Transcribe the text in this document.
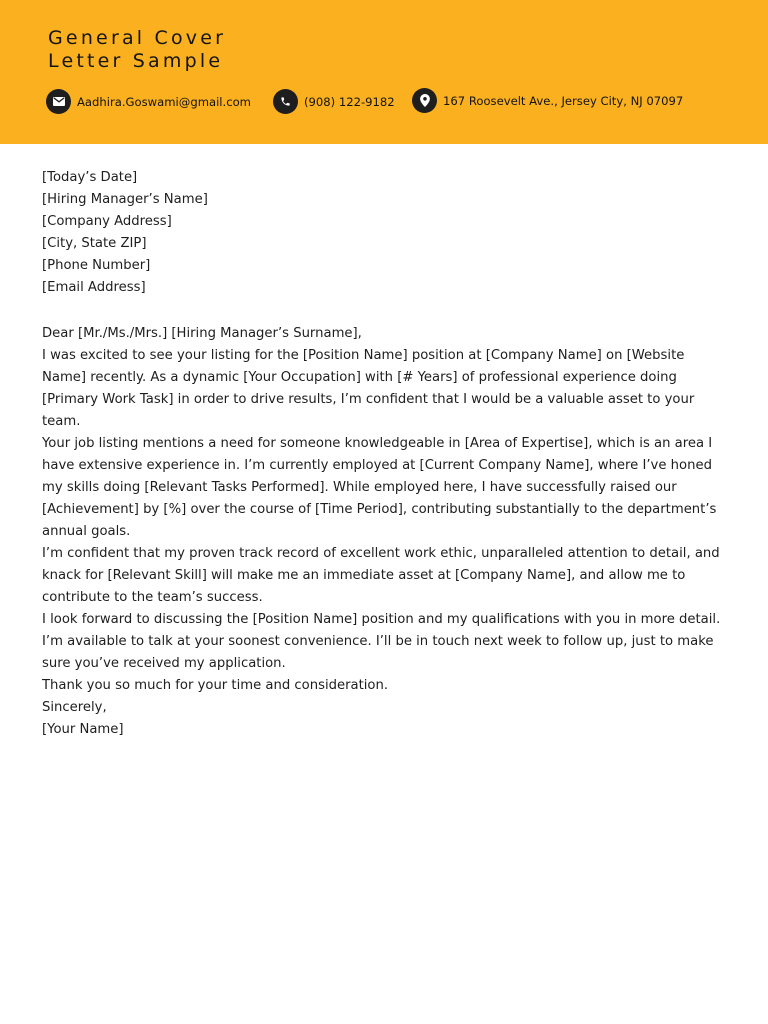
General Cover
Letter Sample
Aadhira.Goswami@gmail.com	(908) 122-9182	167 Roosevelt Ave., Jersey City, NJ 07097

[Today’s Date]

[Hiring Manager’s Name]
[Company Address]
[City, State ZIP]
[Phone Number]
[Email Address]

Dear [Mr./Ms./Mrs.] [Hiring Manager’s Surname],

I was excited to see your listing for the [Position Name] position at [Company Name] on [Website Name] recently. As a dynamic [Your Occupation] with [# Years] of professional experience doing [Primary Work Task] in order to drive results, I’m confident that I would be a valuable asset to your team.

Your job listing mentions a need for someone knowledgeable in [Area of Expertise], which is an area I have extensive experience in. I’m currently employed at [Current Company Name], where I’ve honed my skills doing [Relevant Tasks Performed]. While employed here, I have successfully raised our [Achievement] by [%] over the course of [Time Period], contributing substantially to the department’s annual goals.

I’m confident that my proven track record of excellent work ethic, unparalleled attention to detail, and knack for [Relevant Skill] will make me an immediate asset at [Company Name], and allow me to contribute to the team’s success.

I look forward to discussing the [Position Name] position and my qualifications with you in more detail. I’m available to talk at your soonest convenience. I’ll be in touch next week to follow up, just to make sure you’ve received my application.

Thank you so much for your time and consideration.

Sincerely,

[Your Name]
